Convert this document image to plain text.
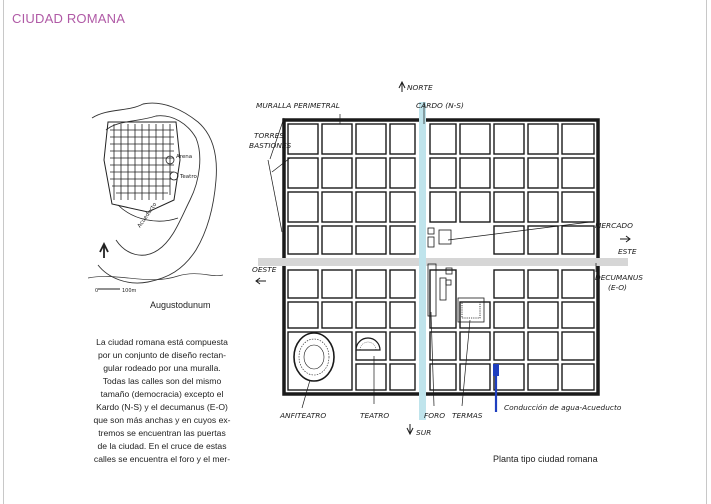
CIUDAD ROMANA
Arena
Teatro
Acueducto
0	100m
Augustodunum
La ciudad romana está compuesta
por un conjunto de diseño rectan-
gular rodeado por una muralla.
Todas las calles son del mismo
tamaño (democracia) excepto el
Kardo (N-S) y el decumanus (E-O)
que son más anchas y en cuyos ex-
tremos se encuentran las puertas
de la ciudad. En el cruce de estas
calles se encuentra el foro y el mer-
NORTE
SUR
ESTE
OESTE
MURALLA PERIMETRAL	CARDO (N-S)
TORRES
BASTIONES
MERCADO
DECUMANUS
(E-O)
ANFITEATRO	TEATRO	FORO TERMAS
Conducción de agua-Acueducto
Planta tipo ciudad romana
